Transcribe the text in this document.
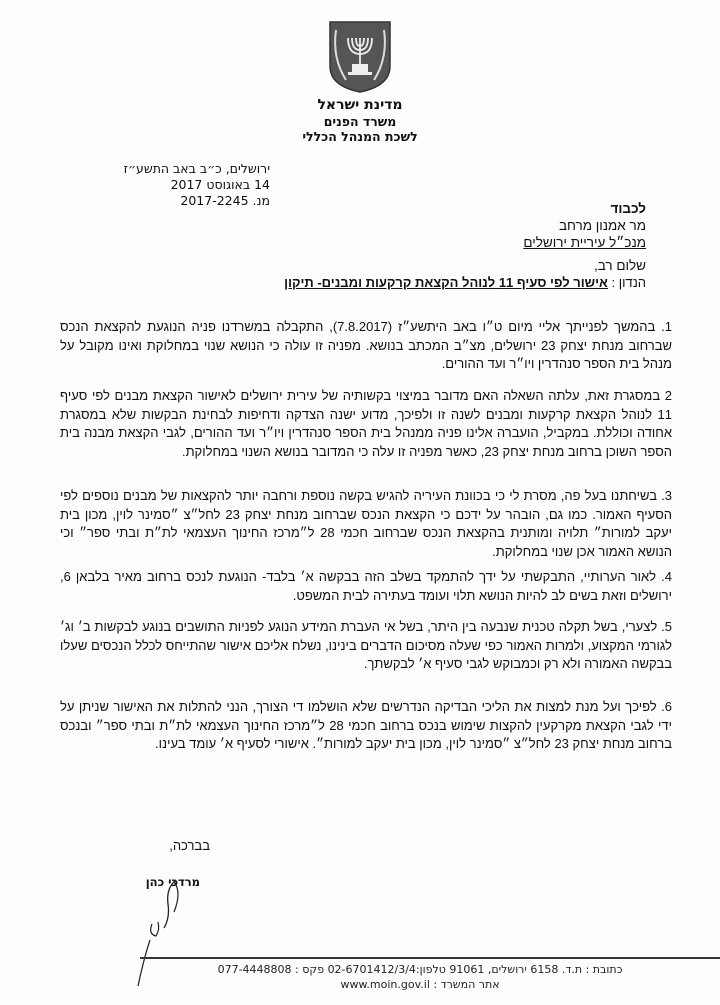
מדינת ישראל
משרד הפנים
לשכת המנהל הכללי
ירושלים, כ״ב באב התשע״ז
14 באוגוסט 2017
מנ. 2017-2245
לכבוד
מר אמנון מרחב
מנכ״ל עיריית ירושלים
שלום רב,
הנדון : אישור לפי סעיף 11 לנוהל הקצאת קרקעות ומבנים- תיקון
1. בהמשך לפנייתך אליי מיום ט״ו באב היתשע״ז (7.8.2017), התקבלה במשרדנו פניה הנוגעת להקצאת הנכס שברחוב מנחת יצחק 23 ירושלים, מצ״ב המכתב בנושא. מפניה זו עולה כי הנושא שנוי במחלוקת ואינו מקובל על מנהל בית הספר סנהדרין ויו״ר ועד ההורים.
2 במסגרת זאת, עלתה השאלה האם מדובר במיצוי בקשותיה של עירית ירושלים לאישור הקצאת מבנים לפי סעיף 11 לנוהל הקצאת קרקעות ומבנים לשנה זו ולפיכך, מדוע ישנה הצדקה ודחיפות לבחינת הבקשות שלא במסגרת אחודה וכוללת. במקביל, הועברה אלינו פניה ממנהל בית הספר סנהדרין ויו״ר ועד ההורים, לגבי הקצאת מבנה בית הספר השוכן ברחוב מנחת יצחק 23, כאשר מפניה זו עלה כי המדובר בנושא השנוי במחלוקת.
3. בשיחתנו בעל פה, מסרת לי כי בכוונת העיריה להגיש בקשה נוספת ורחבה יותר להקצאות של מבנים נוספים לפי הסעיף האמור. כמו גם, הובהר על ידכם כי הקצאת הנכס שברחוב מנחת יצחק 23 לחל״צ ״סמינר לוין, מכון בית יעקב למורות״ תלויה ומותנית בהקצאת הנכס שברחוב חכמי 28 ל״מרכז החינוך העצמאי לת״ת ובתי ספר״ וכי הנושא האמור אכן שנוי במחלוקת.
4. לאור הערותיי, התבקשתי על ידך להתמקד בשלב הזה בבקשה א׳ בלבד- הנוגעת לנכס ברחוב מאיר בלבאן 6, ירושלים וזאת בשים לב להיות הנושא תלוי ועומד בעתירה לבית המשפט.
5. לצערי, בשל תקלה טכנית שנבעה בין היתר, בשל אי העברת המידע הנוגע לפניות התושבים בנוגע לבקשות ב׳ וג׳ לגורמי המקצוע, ולמרות האמור כפי שעלה מסיכום הדברים בינינו, נשלח אליכם אישור שהתייחס לכלל הנכסים שעלו בבקשה האמורה ולא רק וכמבוקש לגבי סעיף א׳ לבקשתך.
6. לפיכך ועל מנת למצות את הליכי הבדיקה הנדרשים שלא הושלמו די הצורך, הנני להתלות את האישור שניתן על ידי לגבי הקצאת מקרקעין להקצות שימוש בנכס ברחוב חכמי 28 ל״מרכז החינוך העצמאי לת״ת ובתי ספר״ ובנכס ברחוב מנחת יצחק 23 לחל״צ ״סמינר לוין, מכון בית יעקב למורות״. אישורי לסעיף א׳ עומד בעינו.
בברכה,
מרדכי כהן
כתובת : ת.ד. 6158 ירושלים, 91061 טלפון:02-6701412/3/4 פקס : 077-4448808
אתר המשרד : www.moin.gov.il
